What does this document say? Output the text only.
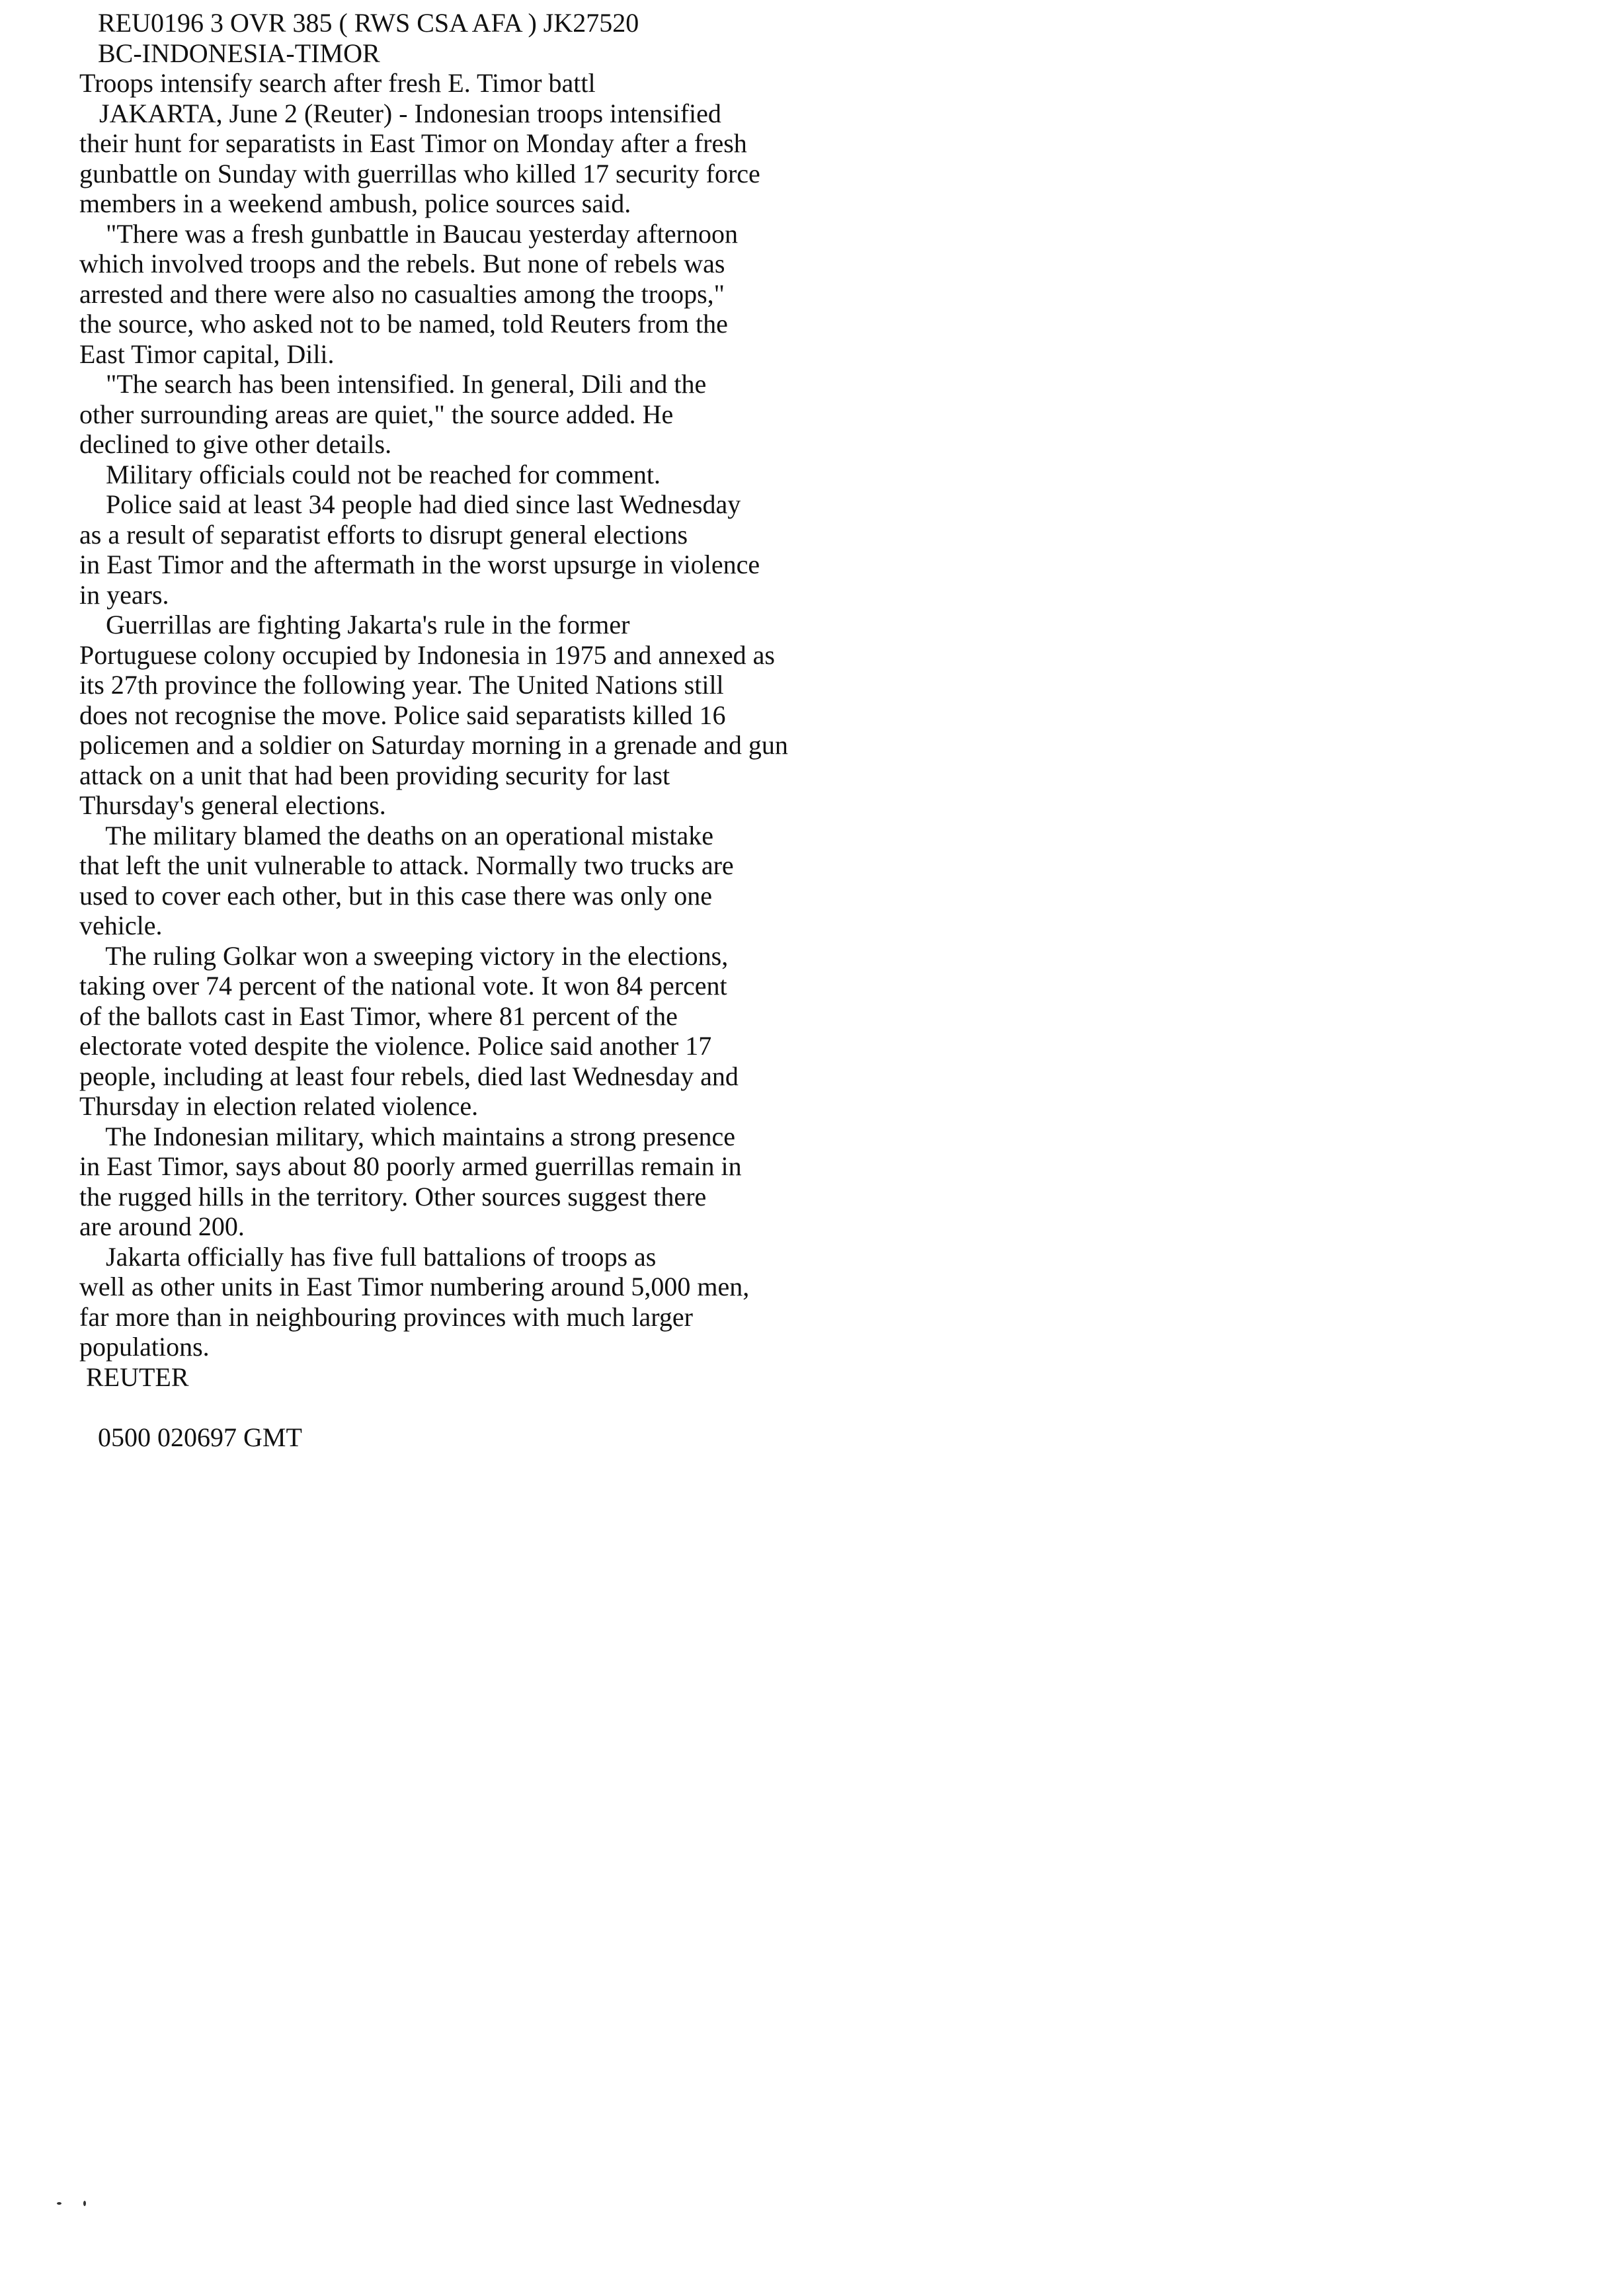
REU0196 3 OVR 385 ( RWS CSA AFA ) JK27520
BC-INDONESIA-TIMOR
Troops intensify search after fresh E. Timor battl
JAKARTA, June 2 (Reuter) - Indonesian troops intensified
their hunt for separatists in East Timor on Monday after a fresh
gunbattle on Sunday with guerrillas who killed 17 security force
members in a weekend ambush, police sources said.
"There was a fresh gunbattle in Baucau yesterday afternoon
which involved troops and the rebels. But none of rebels was
arrested and there were also no casualties among the troops,"
the source, who asked not to be named, told Reuters from the
East Timor capital, Dili.
"The search has been intensified. In general, Dili and the
other surrounding areas are quiet," the source added. He
declined to give other details.
Military officials could not be reached for comment.
Police said at least 34 people had died since last Wednesday
as a result of separatist efforts to disrupt general elections
in East Timor and the aftermath in the worst upsurge in violence
in years.
Guerrillas are fighting Jakarta's rule in the former
Portuguese colony occupied by Indonesia in 1975 and annexed as
its 27th province the following year. The United Nations still
does not recognise the move. Police said separatists killed 16
policemen and a soldier on Saturday morning in a grenade and gun
attack on a unit that had been providing security for last
Thursday's general elections.
The military blamed the deaths on an operational mistake
that left the unit vulnerable to attack. Normally two trucks are
used to cover each other, but in this case there was only one
vehicle.
The ruling Golkar won a sweeping victory in the elections,
taking over 74 percent of the national vote. It won 84 percent
of the ballots cast in East Timor, where 81 percent of the
electorate voted despite the violence. Police said another 17
people, including at least four rebels, died last Wednesday and
Thursday in election related violence.
The Indonesian military, which maintains a strong presence
in East Timor, says about 80 poorly armed guerrillas remain in
the rugged hills in the territory. Other sources suggest there
are around 200.
Jakarta officially has five full battalions of troops as
well as other units in East Timor numbering around 5,000 men,
far more than in neighbouring provinces with much larger
populations.
REUTER
0500 020697 GMT
